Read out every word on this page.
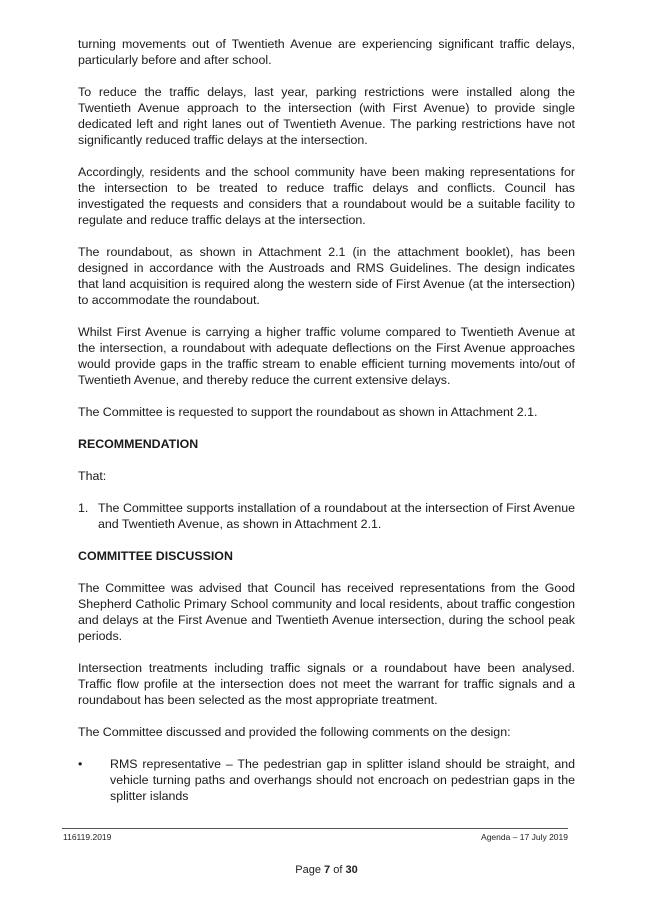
turning movements out of Twentieth Avenue are experiencing significant traffic delays, particularly before and after school.

To reduce the traffic delays, last year, parking restrictions were installed along the Twentieth Avenue approach to the intersection (with First Avenue) to provide single dedicated left and right lanes out of Twentieth Avenue. The parking restrictions have not significantly reduced traffic delays at the intersection.

Accordingly, residents and the school community have been making representations for the intersection to be treated to reduce traffic delays and conflicts. Council has investigated the requests and considers that a roundabout would be a suitable facility to regulate and reduce traffic delays at the intersection.

The roundabout, as shown in Attachment 2.1 (in the attachment booklet), has been designed in accordance with the Austroads and RMS Guidelines. The design indicates that land acquisition is required along the western side of First Avenue (at the intersection) to accommodate the roundabout.

Whilst First Avenue is carrying a higher traffic volume compared to Twentieth Avenue at the intersection, a roundabout with adequate deflections on the First Avenue approaches would provide gaps in the traffic stream to enable efficient turning movements into/out of Twentieth Avenue, and thereby reduce the current extensive delays.

The Committee is requested to support the roundabout as shown in Attachment 2.1.

RECOMMENDATION

That:

1. The Committee supports installation of a roundabout at the intersection of First Avenue and Twentieth Avenue, as shown in Attachment 2.1.

COMMITTEE DISCUSSION

The Committee was advised that Council has received representations from the Good Shepherd Catholic Primary School community and local residents, about traffic congestion and delays at the First Avenue and Twentieth Avenue intersection, during the school peak periods.

Intersection treatments including traffic signals or a roundabout have been analysed. Traffic flow profile at the intersection does not meet the warrant for traffic signals and a roundabout has been selected as the most appropriate treatment.

The Committee discussed and provided the following comments on the design:

• RMS representative – The pedestrian gap in splitter island should be straight, and vehicle turning paths and overhangs should not encroach on pedestrian gaps in the splitter islands
116119.2019	Agenda – 17 July 2019
Page 7 of 30
